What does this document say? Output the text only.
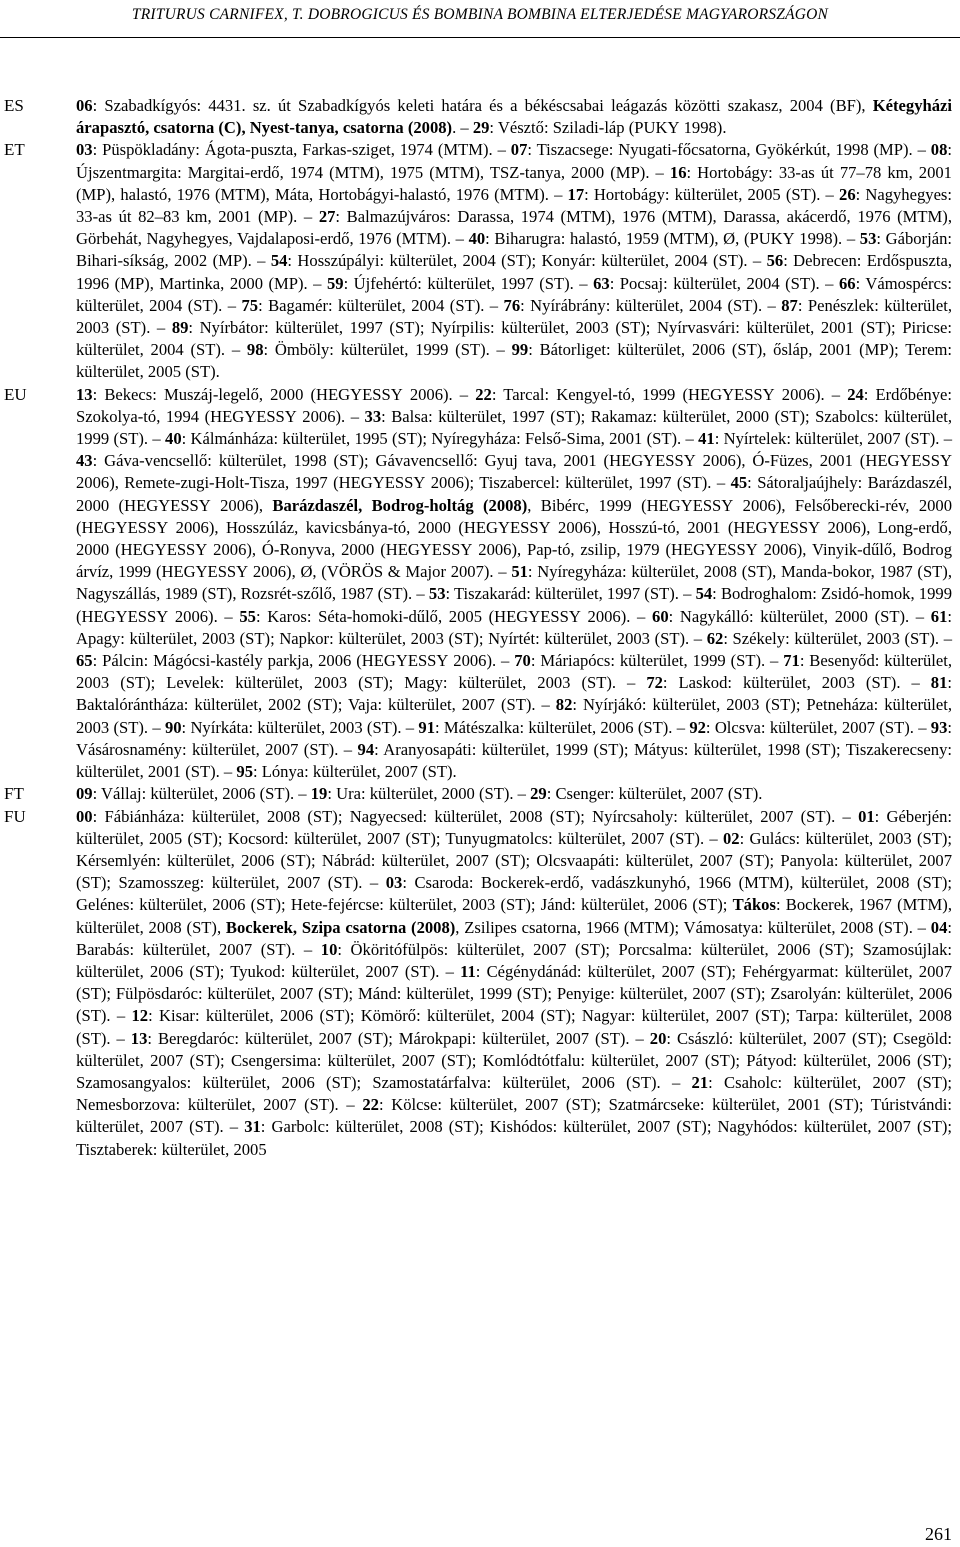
TRITURUS CARNIFEX, T. DOBROGICUS ÉS BOMBINA BOMBINA ELTERJEDÉSE MAGYARORSZÁGON
ES	06: Szabadkígyós: 4431. sz. út Szabadkígyós keleti határa és a békéscsabai leágazás közötti szakasz, 2004 (BF), Kétegyházi árapasztó, csatorna (C), Nyest-tanya, csatorna (2008). – 29: Vésztő: Sziladi-láp (PUKY 1998).
ET	03: Püspökladány: Ágota-puszta, Farkas-sziget, 1974 (MTM). – 07: Tiszacsege: Nyugati-főcsatorna, Gyökérkút, 1998 (MP). – 08: Újszentmargita: Margitai-erdő, 1974 (MTM), 1975 (MTM), TSZ-tanya, 2000 (MP). – 16: Hortobágy: 33-as út 77–78 km, 2001 (MP), halastó, 1976 (MTM), Máta, Hortobágyi-halastó, 1976 (MTM). – 17: Hortobágy: külterület, 2005 (ST). – 26: Nagyhegyes: 33-as út 82–83 km, 2001 (MP). – 27: Balmazújváros: Darassa, 1974 (MTM), 1976 (MTM), Darassa, akácerdő, 1976 (MTM), Görbehát, Nagyhegyes, Vajdalaposi-erdő, 1976 (MTM). – 40: Biharugra: halastó, 1959 (MTM), Ø, (PUKY 1998). – 53: Gáborján: Bihari-síkság, 2002 (MP). – 54: Hosszúpályi: külterület, 2004 (ST); Konyár: külterület, 2004 (ST). – 56: Debrecen: Erdőspuszta, 1996 (MP), Martinka, 2000 (MP). – 59: Újfehértó: külterület, 1997 (ST). – 63: Pocsaj: külterület, 2004 (ST). – 66: Vámospércs: külterület, 2004 (ST). – 75: Bagamér: külterület, 2004 (ST). – 76: Nyírábrány: külterület, 2004 (ST). – 87: Penészlek: külterület, 2003 (ST). – 89: Nyírbátor: külterület, 1997 (ST); Nyírpilis: külterület, 2003 (ST); Nyírvasvári: külterület, 2001 (ST); Piricse: külterület, 2004 (ST). – 98: Ömböly: külterület, 1999 (ST). – 99: Bátorliget: külterület, 2006 (ST), ősláp, 2001 (MP); Terem: külterület, 2005 (ST).
EU	13: Bekecs: Muszáj-legelő, 2000 (HEGYESSY 2006). – 22: Tarcal: Kengyel-tó, 1999 (HEGYESSY 2006). – 24: Erdőbénye: Szokolya-tó, 1994 (HEGYESSY 2006). – 33: Balsa: külterület, 1997 (ST); Rakamaz: külterület, 2000 (ST); Szabolcs: külterület, 1999 (ST). – 40: Kálmánháza: külterület, 1995 (ST); Nyíregyháza: Felső-Sima, 2001 (ST). – 41: Nyírtelek: külterület, 2007 (ST). – 43: Gáva-vencsellő: külterület, 1998 (ST); Gávavencsellő: Gyuj tava, 2001 (HEGYESSY 2006), Ó-Füzes, 2001 (HEGYESSY 2006), Remete-zugi-Holt-Tisza, 1997 (HEGYESSY 2006); Tiszabercel: külterület, 1997 (ST). – 45: Sátoraljaújhely: Barázdaszél, 2000 (HEGYESSY 2006), Barázdaszél, Bodrog-holtág (2008), Bibérc, 1999 (HEGYESSY 2006), Felsőberecki-rév, 2000 (HEGYESSY 2006), Hosszúláz, kavicsbánya-tó, 2000 (HEGYESSY 2006), Hosszú-tó, 2001 (HEGYESSY 2006), Long-erdő, 2000 (HEGYESSY 2006), Ó-Ronyva, 2000 (HEGYESSY 2006), Pap-tó, zsilip, 1979 (HEGYESSY 2006), Vinyik-dűlő, Bodrog árvíz, 1999 (HEGYESSY 2006), Ø, (VÖRÖS & Major 2007). – 51: Nyíregyháza: külterület, 2008 (ST), Manda-bokor, 1987 (ST), Nagyszállás, 1989 (ST), Rozsrét-szőlő, 1987 (ST). – 53: Tiszakarád: külterület, 1997 (ST). – 54: Bodroghalom: Zsidó-homok, 1999 (HEGYESSY 2006). – 55: Karos: Séta-homoki-dűlő, 2005 (HEGYESSY 2006). – 60: Nagykálló: külterület, 2000 (ST). – 61: Apagy: külterület, 2003 (ST); Napkor: külterület, 2003 (ST); Nyírtét: külterület, 2003 (ST). – 62: Székely: külterület, 2003 (ST). – 65: Pálcin: Mágócsi-kastély parkja, 2006 (HEGYESSY 2006). – 70: Máriapócs: külterület, 1999 (ST). – 71: Besenyőd: külterület, 2003 (ST); Levelek: külterület, 2003 (ST); Magy: külterület, 2003 (ST). – 72: Laskod: külterület, 2003 (ST). – 81: Baktalórántháza: külterület, 2002 (ST); Vaja: külterület, 2007 (ST). – 82: Nyírjákó: külterület, 2003 (ST); Petneháza: külterület, 2003 (ST). – 90: Nyírkáta: külterület, 2003 (ST). – 91: Mátészalka: külterület, 2006 (ST). – 92: Olcsva: külterület, 2007 (ST). – 93: Vásárosnamény: külterület, 2007 (ST). – 94: Aranyosapáti: külterület, 1999 (ST); Mátyus: külterület, 1998 (ST); Tiszakerecseny: külterület, 2001 (ST). – 95: Lónya: külterület, 2007 (ST).
FT	09: Vállaj: külterület, 2006 (ST). – 19: Ura: külterület, 2000 (ST). – 29: Csenger: külterület, 2007 (ST).
FU	00: Fábiánháza: külterület, 2008 (ST); Nagyecsed: külterület, 2008 (ST); Nyírcsaholy: külterület, 2007 (ST). – 01: Géberjén: külterület, 2005 (ST); Kocsord: külterület, 2007 (ST); Tunyugmatolcs: külterület, 2007 (ST). – 02: Gulács: külterület, 2003 (ST); Kérsemlyén: külterület, 2006 (ST); Nábrád: külterület, 2007 (ST); Olcsvaapáti: külterület, 2007 (ST); Panyola: külterület, 2007 (ST); Szamosszeg: külterület, 2007 (ST). – 03: Csaroda: Bockerek-erdő, vadászkunyhó, 1966 (MTM), külterület, 2008 (ST); Gelénes: külterület, 2006 (ST); Hete-fejércse: külterület, 2003 (ST); Jánd: külterület, 2006 (ST); Tákos: Bockerek, 1967 (MTM), külterület, 2008 (ST), Bockerek, Szipa csatorna (2008), Zsilipes csatorna, 1966 (MTM); Vámosatya: külterület, 2008 (ST). – 04: Barabás: külterület, 2007 (ST). – 10: Ököritófülpös: külterület, 2007 (ST); Porcsalma: külterület, 2006 (ST); Szamosújlak: külterület, 2006 (ST); Tyukod: külterület, 2007 (ST). – 11: Cégénydánád: külterület, 2007 (ST); Fehérgyarmat: külterület, 2007 (ST); Fülpösdaróc: külterület, 2007 (ST); Mánd: külterület, 1999 (ST); Penyige: külterület, 2007 (ST); Zsarolyán: külterület, 2006 (ST). – 12: Kisar: külterület, 2006 (ST); Kömörő: külterület, 2004 (ST); Nagyar: külterület, 2007 (ST); Tarpa: külterület, 2008 (ST). – 13: Beregdaróc: külterület, 2007 (ST); Márokpapi: külterület, 2007 (ST). – 20: Császló: külterület, 2007 (ST); Csegöld: külterület, 2007 (ST); Csengersima: külterület, 2007 (ST); Komlódtótfalu: külterület, 2007 (ST); Pátyod: külterület, 2006 (ST); Szamosangyalos: külterület, 2006 (ST); Szamostatárfalva: külterület, 2006 (ST). – 21: Csaholc: külterület, 2007 (ST); Nemesborzova: külterület, 2007 (ST). – 22: Kölcse: külterület, 2007 (ST); Szatmárcseke: külterület, 2001 (ST); Túristvándi: külterület, 2007 (ST). – 31: Garbolc: külterület, 2008 (ST); Kishódos: külterület, 2007 (ST); Nagyhódos: külterület, 2007 (ST); Tisztaberek: külterület, 2005
261
